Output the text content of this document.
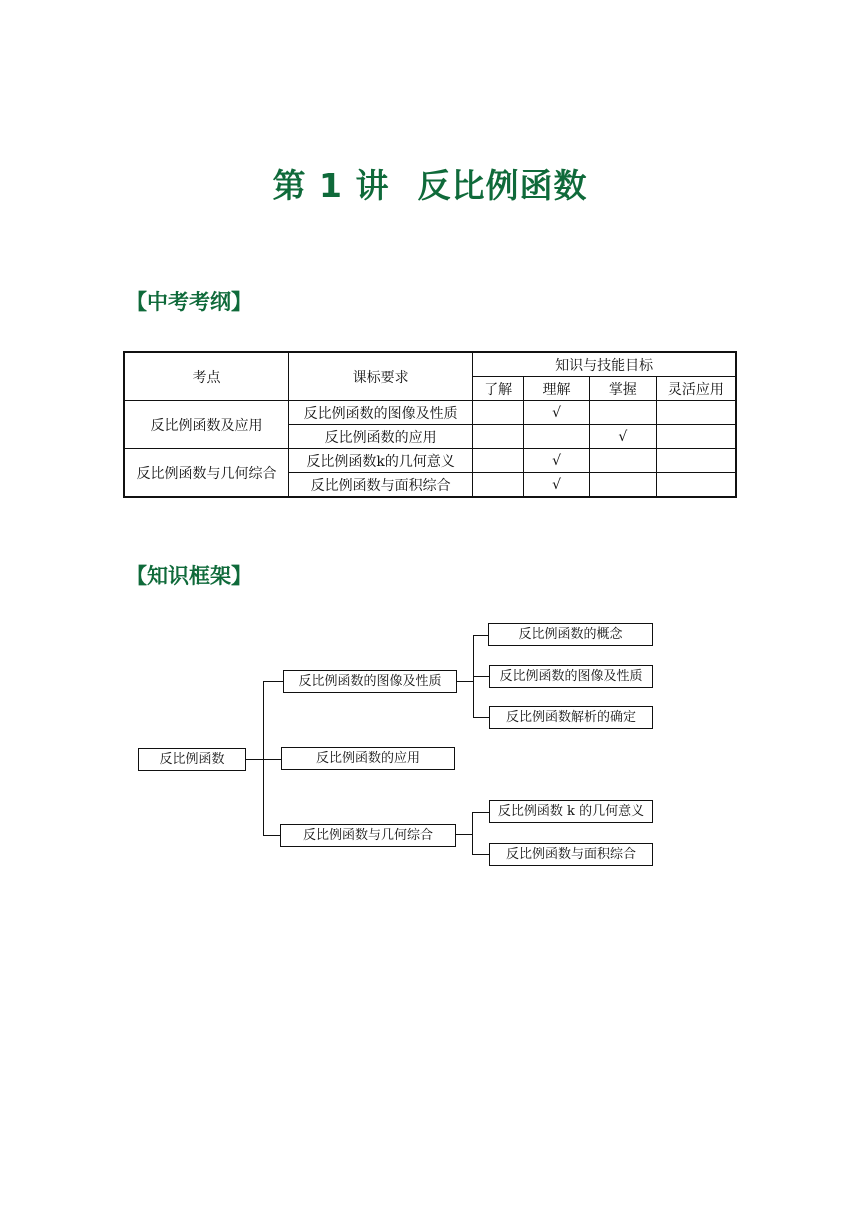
第 1 讲 反比例函数
【中考考纲】
考点	课标要求	知识与技能目标			
		了解	理解	掌握	灵活应用
反比例函数及应用	反比例函数的图像及性质		√		
	反比例函数的应用			√	
反比例函数与几何综合	反比例函数k的几何意义		√		
	反比例函数与面积综合		√		
【知识框架】
反比例函数
反比例函数的图像及性质
反比例函数的应用
反比例函数与几何综合
反比例函数的概念
反比例函数的图像及性质
反比例函数解析的确定
反比例函数 k 的几何意义
反比例函数与面积综合
